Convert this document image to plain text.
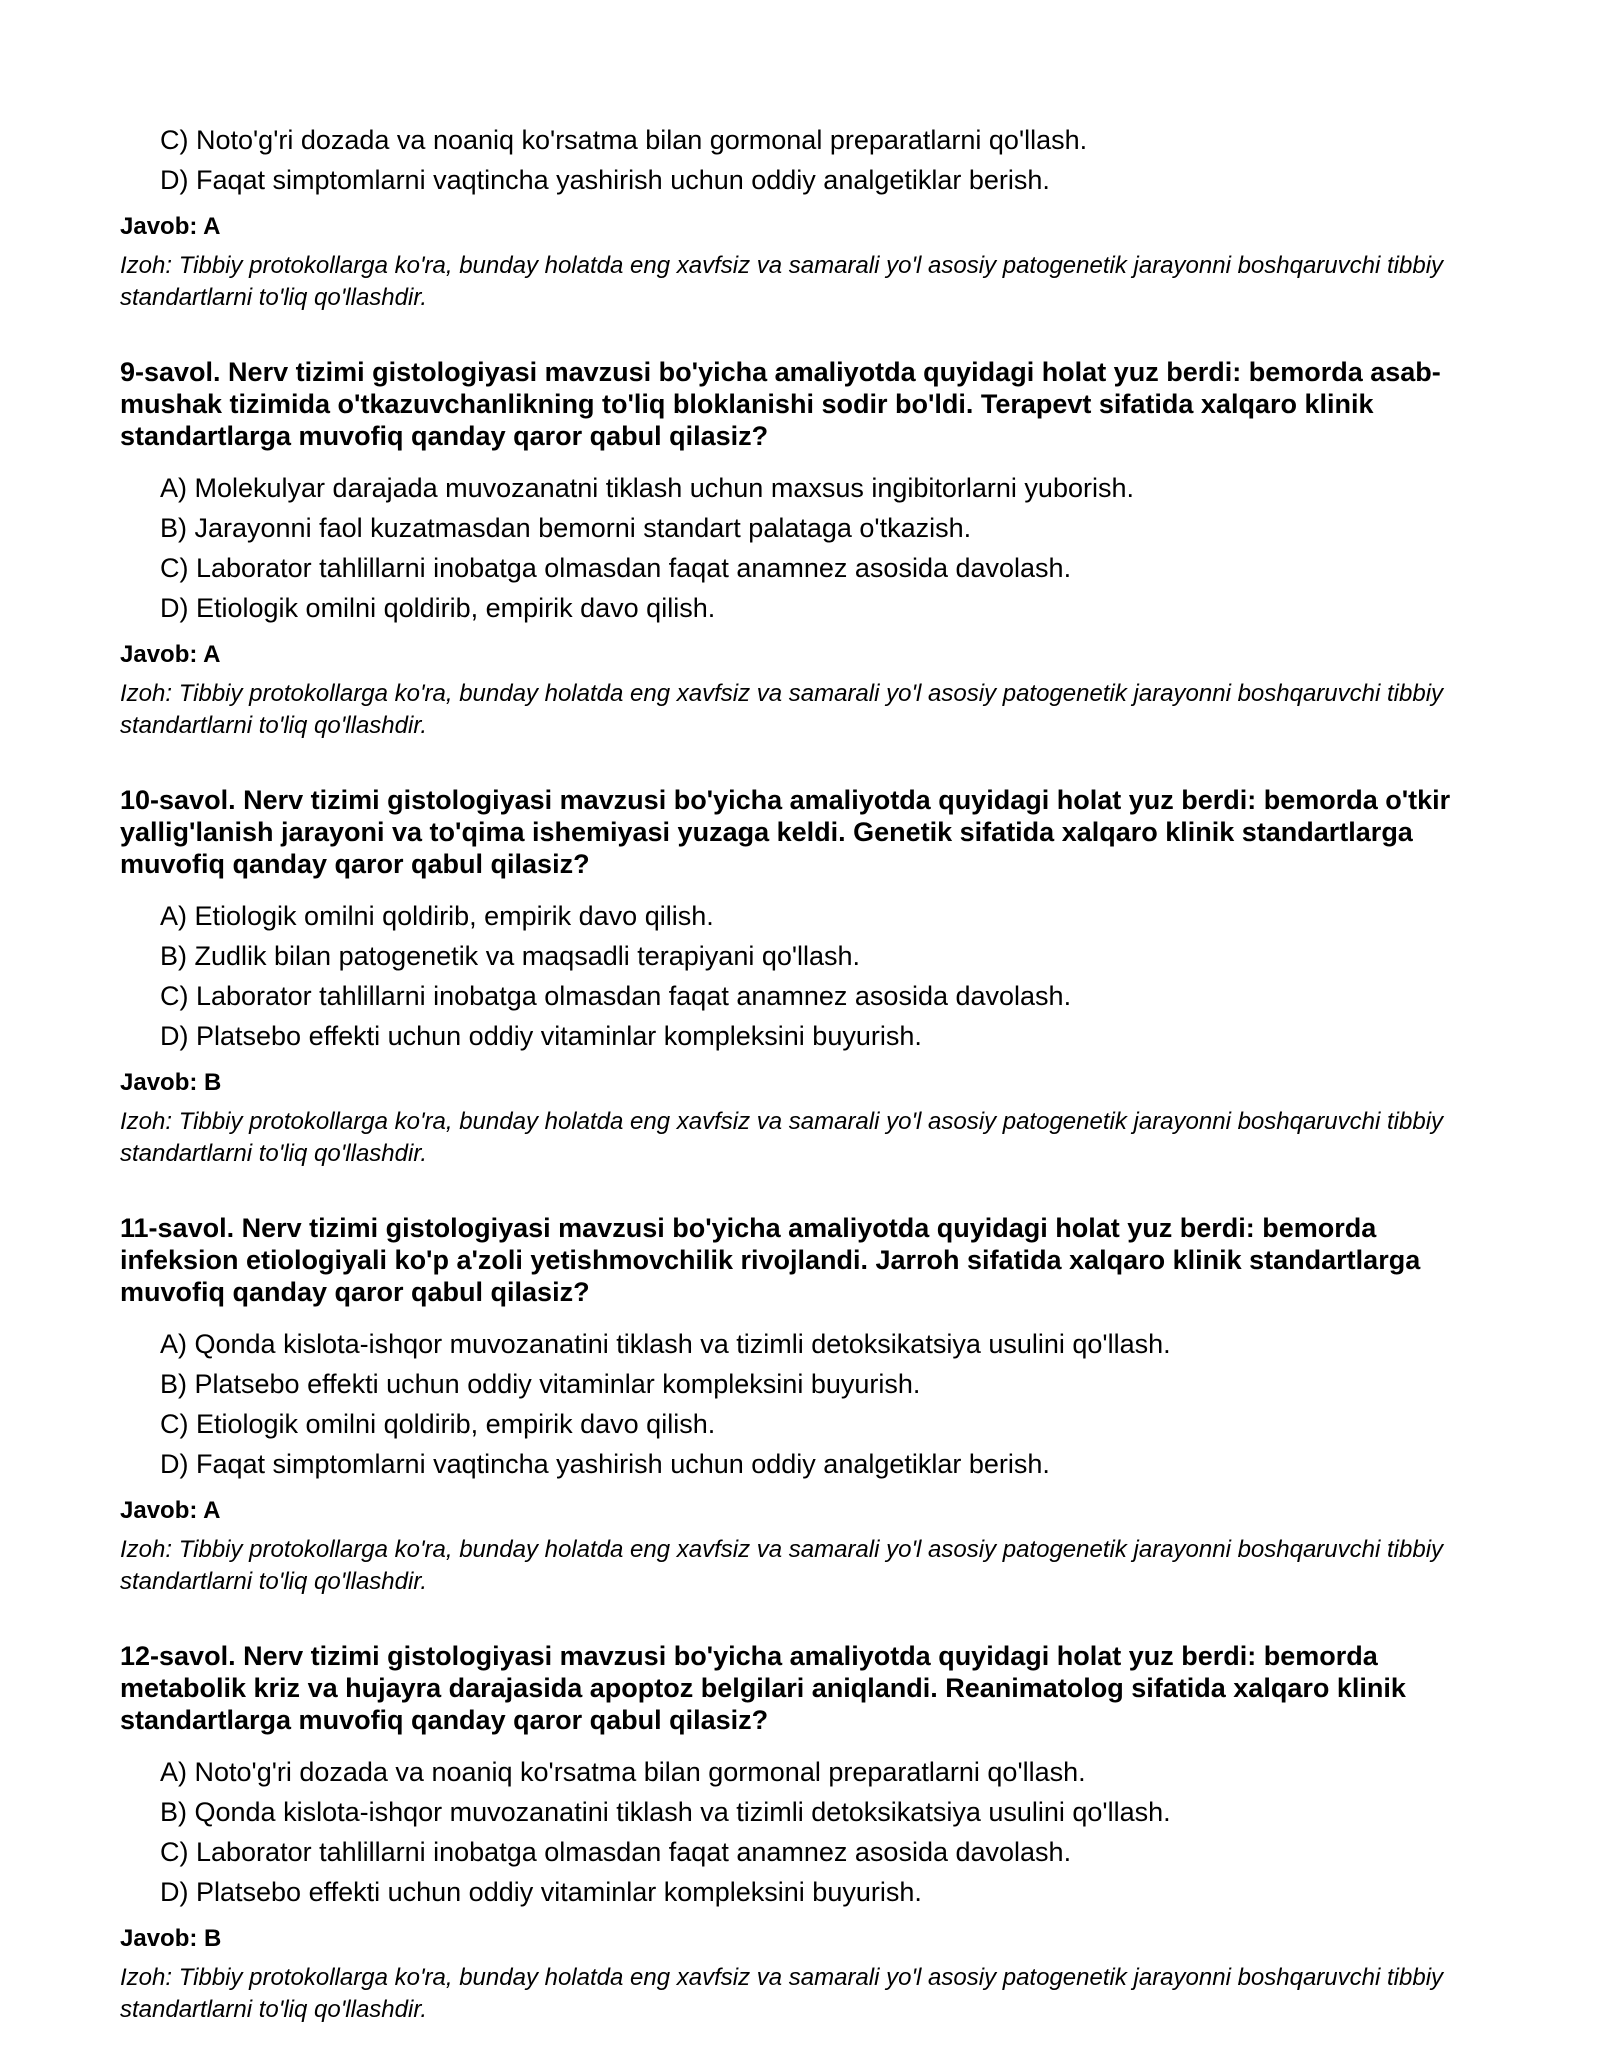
C) Noto'g'ri dozada va noaniq ko'rsatma bilan gormonal preparatlarni qo'llash.

D) Faqat simptomlarni vaqtincha yashirish uchun oddiy analgetiklar berish.

Javob: A

Izoh: Tibbiy protokollarga ko'ra, bunday holatda eng xavfsiz va samarali yo'l asosiy patogenetik jarayonni boshqaruvchi tibbiy standartlarni to'liq qo'llashdir.

9-savol. Nerv tizimi gistologiyasi mavzusi bo'yicha amaliyotda quyidagi holat yuz berdi: bemorda asab-mushak tizimida o'tkazuvchanlikning to'liq bloklanishi sodir bo'ldi. Terapevt sifatida xalqaro klinik standartlarga muvofiq qanday qaror qabul qilasiz?

A) Molekulyar darajada muvozanatni tiklash uchun maxsus ingibitorlarni yuborish.

B) Jarayonni faol kuzatmasdan bemorni standart palataga o'tkazish.

C) Laborator tahlillarni inobatga olmasdan faqat anamnez asosida davolash.

D) Etiologik omilni qoldirib, empirik davo qilish.

Javob: A

Izoh: Tibbiy protokollarga ko'ra, bunday holatda eng xavfsiz va samarali yo'l asosiy patogenetik jarayonni boshqaruvchi tibbiy standartlarni to'liq qo'llashdir.

10-savol. Nerv tizimi gistologiyasi mavzusi bo'yicha amaliyotda quyidagi holat yuz berdi: bemorda o'tkir yallig'lanish jarayoni va to'qima ishemiyasi yuzaga keldi. Genetik sifatida xalqaro klinik standartlarga muvofiq qanday qaror qabul qilasiz?

A) Etiologik omilni qoldirib, empirik davo qilish.

B) Zudlik bilan patogenetik va maqsadli terapiyani qo'llash.

C) Laborator tahlillarni inobatga olmasdan faqat anamnez asosida davolash.

D) Platsebo effekti uchun oddiy vitaminlar kompleksini buyurish.

Javob: B

Izoh: Tibbiy protokollarga ko'ra, bunday holatda eng xavfsiz va samarali yo'l asosiy patogenetik jarayonni boshqaruvchi tibbiy standartlarni to'liq qo'llashdir.

11-savol. Nerv tizimi gistologiyasi mavzusi bo'yicha amaliyotda quyidagi holat yuz berdi: bemorda infeksion etiologiyali ko'p a'zoli yetishmovchilik rivojlandi. Jarroh sifatida xalqaro klinik standartlarga muvofiq qanday qaror qabul qilasiz?

A) Qonda kislota-ishqor muvozanatini tiklash va tizimli detoksikatsiya usulini qo'llash.

B) Platsebo effekti uchun oddiy vitaminlar kompleksini buyurish.

C) Etiologik omilni qoldirib, empirik davo qilish.

D) Faqat simptomlarni vaqtincha yashirish uchun oddiy analgetiklar berish.

Javob: A

Izoh: Tibbiy protokollarga ko'ra, bunday holatda eng xavfsiz va samarali yo'l asosiy patogenetik jarayonni boshqaruvchi tibbiy standartlarni to'liq qo'llashdir.

12-savol. Nerv tizimi gistologiyasi mavzusi bo'yicha amaliyotda quyidagi holat yuz berdi: bemorda metabolik kriz va hujayra darajasida apoptoz belgilari aniqlandi. Reanimatolog sifatida xalqaro klinik standartlarga muvofiq qanday qaror qabul qilasiz?

A) Noto'g'ri dozada va noaniq ko'rsatma bilan gormonal preparatlarni qo'llash.

B) Qonda kislota-ishqor muvozanatini tiklash va tizimli detoksikatsiya usulini qo'llash.

C) Laborator tahlillarni inobatga olmasdan faqat anamnez asosida davolash.

D) Platsebo effekti uchun oddiy vitaminlar kompleksini buyurish.

Javob: B

Izoh: Tibbiy protokollarga ko'ra, bunday holatda eng xavfsiz va samarali yo'l asosiy patogenetik jarayonni boshqaruvchi tibbiy standartlarni to'liq qo'llashdir.
